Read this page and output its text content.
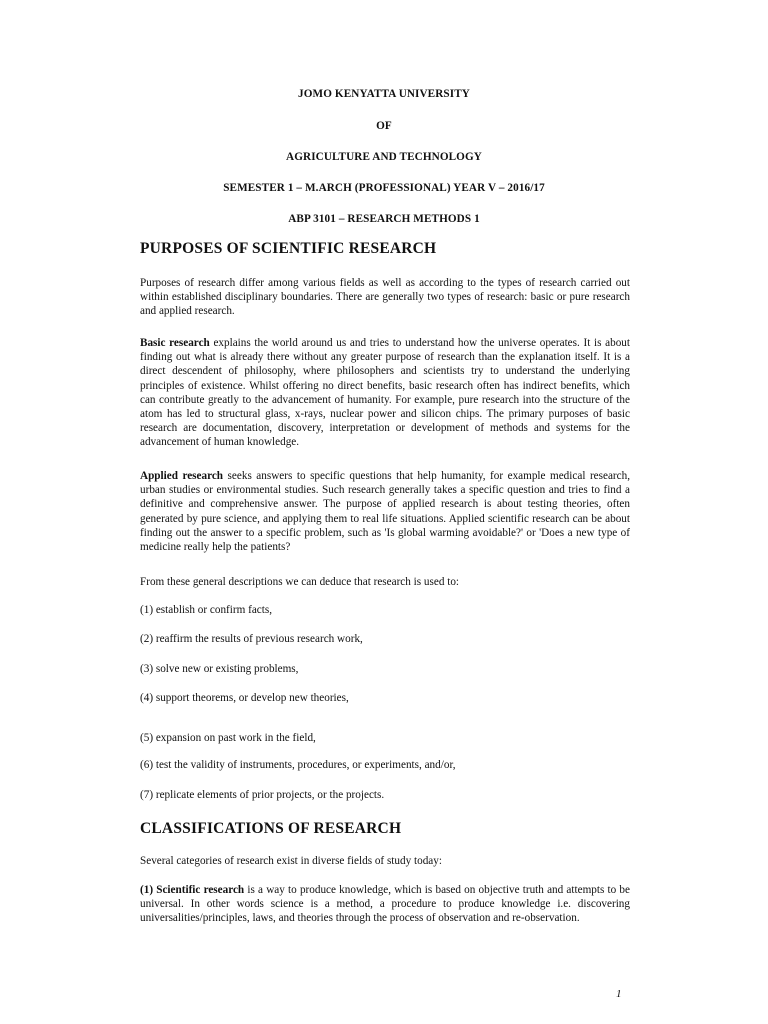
JOMO KENYATTA UNIVERSITY
OF
AGRICULTURE AND TECHNOLOGY
SEMESTER 1 – M.ARCH (PROFESSIONAL) YEAR V – 2016/17
ABP 3101 – RESEARCH METHODS 1
PURPOSES OF SCIENTIFIC RESEARCH

Purposes of research differ among various fields as well as according to the types of research carried out within established disciplinary boundaries. There are generally two types of research: basic or pure research and applied research.

Basic research explains the world around us and tries to understand how the universe operates. It is about finding out what is already there without any greater purpose of research than the explanation itself. It is a direct descendent of philosophy, where philosophers and scientists try to understand the underlying principles of existence. Whilst offering no direct benefits, basic research often has indirect benefits, which can contribute greatly to the advancement of humanity. For example, pure research into the structure of the atom has led to structural glass, x-rays, nuclear power and silicon chips. The primary purposes of basic research are documentation, discovery, interpretation or development of methods and systems for the advancement of human knowledge.

Applied research seeks answers to specific questions that help humanity, for example medical research, urban studies or environmental studies. Such research generally takes a specific question and tries to find a definitive and comprehensive answer. The purpose of applied research is about testing theories, often generated by pure science, and applying them to real life situations. Applied scientific research can be about finding out the answer to a specific problem, such as 'Is global warming avoidable?' or 'Does a new type of medicine really help the patients?

From these general descriptions we can deduce that research is used to:
(1) establish or confirm facts,
(2) reaffirm the results of previous research work,
(3) solve new or existing problems,
(4) support theorems, or develop new theories,
(5) expansion on past work in the field,
(6) test the validity of instruments, procedures, or experiments, and/or,
(7) replicate elements of prior projects, or the projects.
CLASSIFICATIONS OF RESEARCH
Several categories of research exist in diverse fields of study today:

(1) Scientific research is a way to produce knowledge, which is based on objective truth and attempts to be universal. In other words science is a method, a procedure to produce knowledge i.e. discovering universalities/principles, laws, and theories through the process of observation and re-observation.

1
